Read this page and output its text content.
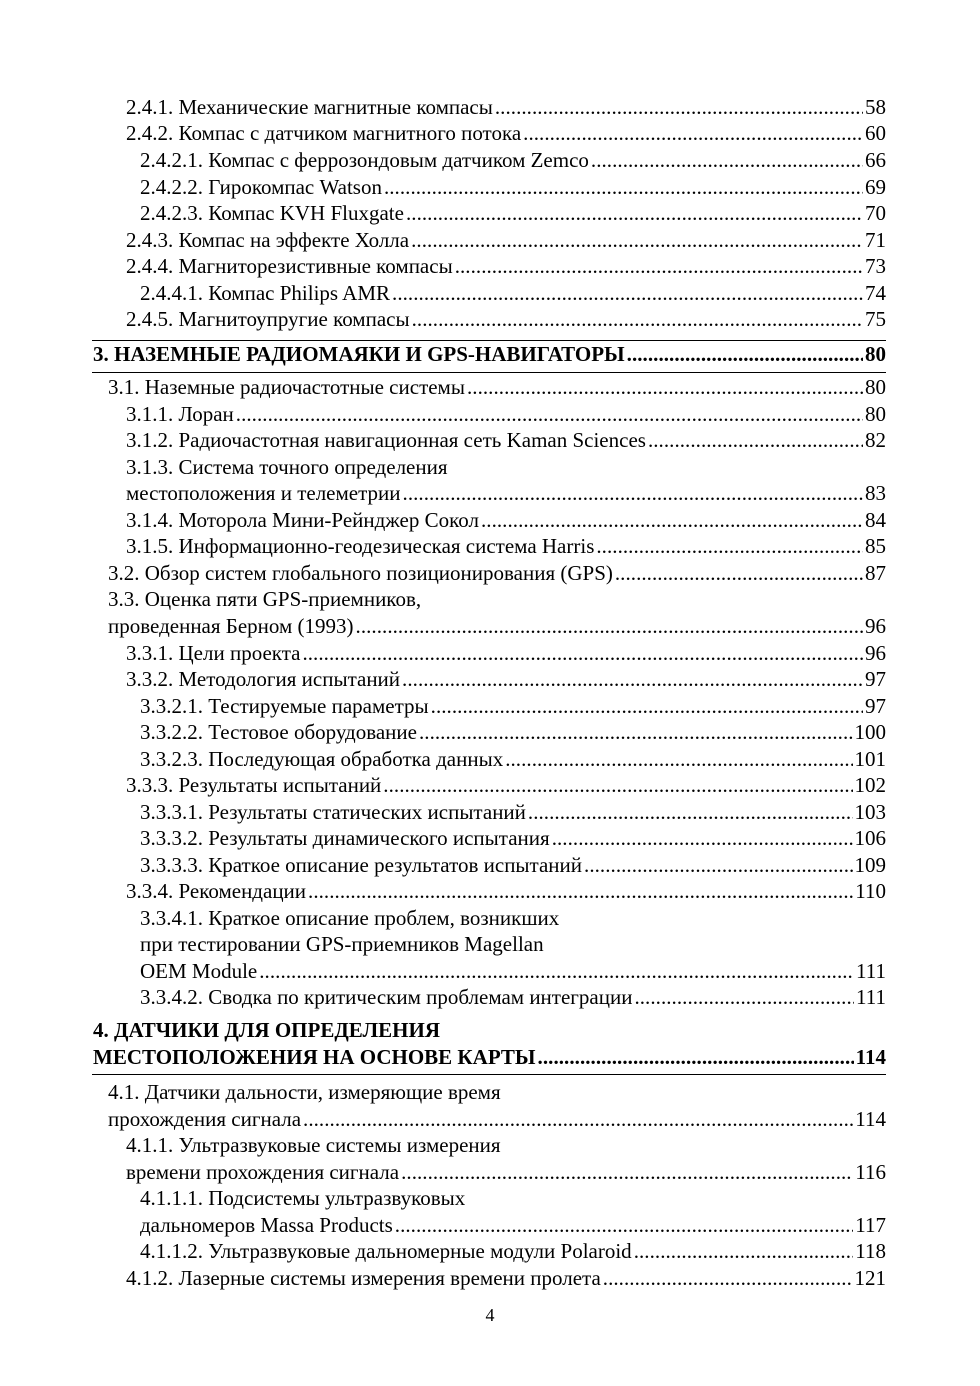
2.4.1. Механические магнитные компасы . . .	58
2.4.2. Компас с датчиком магнитного потока . . .	60
2.4.2.1. Компас с феррозондовым датчиком Zemco . . .	66
2.4.2.2. Гирокомпас Watson . . .	69
2.4.2.3. Компас KVH Fluxgate . . .	70
2.4.3. Компас на эффекте Холла . . .	71
2.4.4. Магниторезистивные компасы . . .	73
2.4.4.1. Компас Philips AMR . . .	74
2.4.5. Магнитоупругие компасы . . .	75
3. НАЗЕМНЫЕ РАДИОМАЯКИ И GPS-НАВИГАТОРЫ . . .	80
3.1. Наземные радиочастотные системы . . .	80
3.1.1. Лоран . . .	80
3.1.2. Радиочастотная навигационная сеть Kaman Sciences . . .	82
3.1.3. Система точного определения
местоположения и телеметрии . . .	83
3.1.4. Моторола Мини-Рейнджер Сокол . . .	84
3.1.5. Информационно-геодезическая система Harris . . .	85
3.2. Обзор систем глобального позиционирования (GPS) . . .	87
3.3. Оценка пяти GPS-приемников,
проведенная Берном (1993) . . .	96
3.3.1. Цели проекта . . .	96
3.3.2. Методология испытаний . . .	97
3.3.2.1. Тестируемые параметры . . .	97
3.3.2.2. Тестовое оборудование . . .	100
3.3.2.3. Последующая обработка данных . . .	101
3.3.3. Результаты испытаний . . .	102
3.3.3.1. Результаты статических испытаний . . .	103
3.3.3.2. Результаты динамического испытания . . .	106
3.3.3.3. Краткое описание результатов испытаний . . .	109
3.3.4. Рекомендации . . .	110
3.3.4.1. Краткое описание проблем, возникших
при тестировании GPS-приемников Magellan
OEM Module . . .	111
3.3.4.2. Сводка по критическим проблемам интеграции . . .	111
4. ДАТЧИКИ ДЛЯ ОПРЕДЕЛЕНИЯ
МЕСТОПОЛОЖЕНИЯ НА ОСНОВЕ КАРТЫ . . .	114
4.1. Датчики дальности, измеряющие время
прохождения сигнала . . .	114
4.1.1. Ультразвуковые системы измерения
времени прохождения сигнала . . .	116
4.1.1.1. Подсистемы ультразвуковых
дальномеров Massa Products . . .	117
4.1.1.2. Ультразвуковые дальномерные модули Polaroid . . .	118
4.1.2. Лазерные системы измерения времени пролета . . .	121
4
